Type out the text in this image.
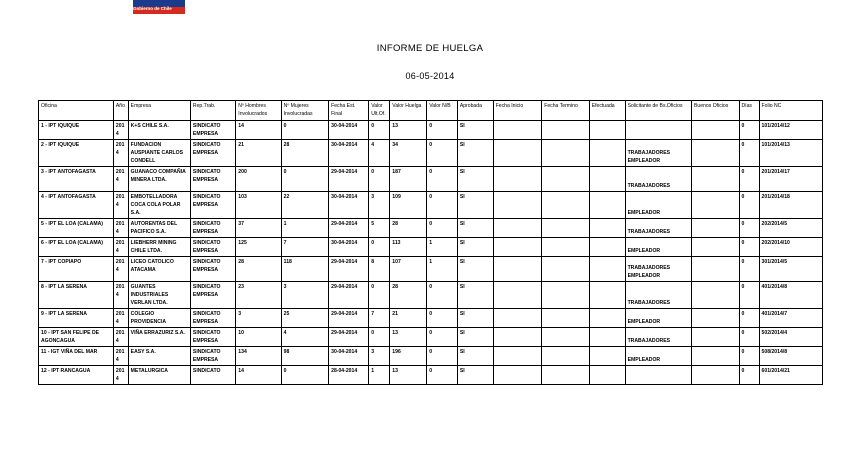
Gobierno de Chile
INFORME DE HUELGA
06-05-2014
Oficina	Año	Empresa	Rep.Trab.	Nº Hombres Involucrados	Nº Mujeres Involucradas	Fecha Est. Final	Valor Ult.Of.	Valor Huelga	Valor N/B	Aprobada	Fecha Inicio	Fecha Termino	Efectuada	Solicitante de Bs.Oficios	Buenos Oficios	Días	Folio NC
1 - IPT IQUIQUE	2014	K+S CHILE S.A.	SINDICATO EMPRESA	14	0	30-04-2014	0	13	0	SI						0	101/2014/12
2 - IPT IQUIQUE	2014	FUNDACION AUSPIANTE CARLOS CONDELL	SINDICATO EMPRESA	21	28	30-04-2014	4	34	0	SI				TRABAJADORES EMPLEADOR		0	101/2014/13
3 - IPT ANTOFAGASTA	2014	GUANACO COMPAÑIA MINERA LTDA.	SINDICATO EMPRESA	200	0	29-04-2014	0	187	0	SI				TRABAJADORES		0	201/2014/17
4 - IPT ANTOFAGASTA	2014	EMBOTELLADORA COCA COLA POLAR S.A.	SINDICATO EMPRESA	103	22	30-04-2014	3	109	0	SI				EMPLEADOR		0	201/2014/18
5 - IPT EL LOA (CALAMA)	2014	AUTORENTAS DEL PACIFICO S.A.	SINDICATO EMPRESA	37	1	29-04-2014	5	28	0	SI				TRABAJADORES		0	202/2014/5
6 - IPT EL LOA (CALAMA)	2014	LIEBHERR MINING CHILE LTDA.	SINDICATO EMPRESA	125	7	30-04-2014	0	113	1	SI				EMPLEADOR		0	202/2014/10
7 - IPT COPIAPO	2014	LICEO CATOLICO ATACAMA	SINDICATO EMPRESA	28	118	29-04-2014	8	107	1	SI				TRABAJADORES EMPLEADOR		0	301/2014/5
8 - IPT LA SERENA	2014	GUANTES INDUSTRIALES VERLAN LTDA.	SINDICATO EMPRESA	23	3	29-04-2014	0	28	0	SI				TRABAJADORES		0	401/2014/8
9 - IPT LA SERENA	2014	COLEGIO PROVIDENCIA	SINDICATO EMPRESA	3	25	29-04-2014	7	21	0	SI				EMPLEADOR		0	401/2014/7
10 - IPT SAN FELIPE DE AGONCAGUA	2014	VIÑA ERRAZURIZ S.A.	SINDICATO EMPRESA	10	4	29-04-2014	0	13	0	SI				TRABAJADORES		0	502/2014/4
11 - IGT VIÑA DEL MAR	2014	EASY S.A.	SINDICATO EMPRESA	134	98	30-04-2014	3	196	0	SI				EMPLEADOR		0	508/2014/8
12 - IPT RANCAGUA	2014	METALURGICA	SINDICATO	14	0	28-04-2014	1	13	0	SI						0	601/2014/21
